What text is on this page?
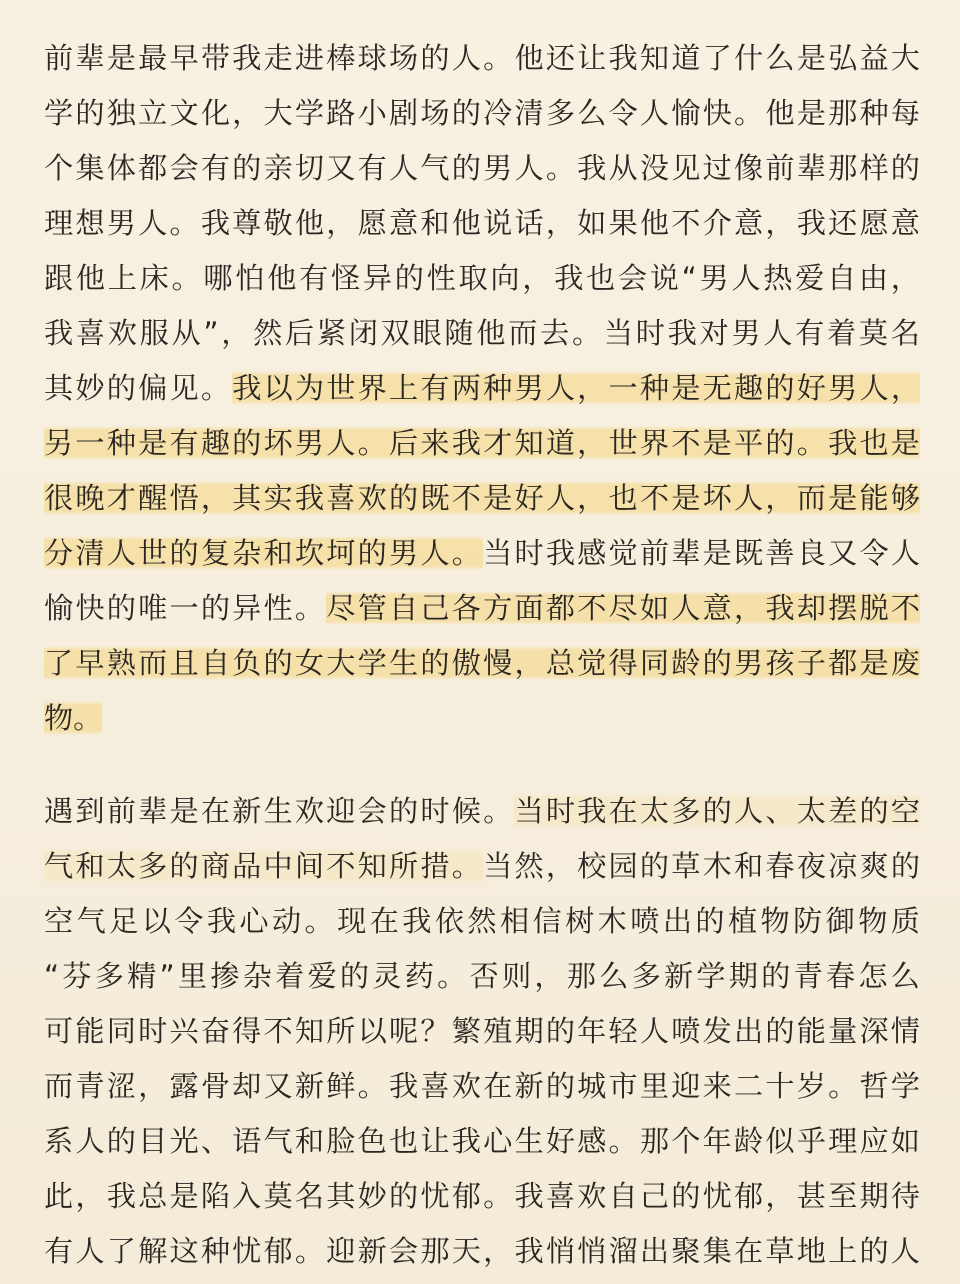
前辈是最早带我走进棒球场的人。他还让我知道了什么是弘益大
学的独立文化，大学路小剧场的冷清多么令人愉快。他是那种每
个集体都会有的亲切又有人气的男人。我从没见过像前辈那样的
理想男人。我尊敬他，愿意和他说话，如果他不介意，我还愿意
跟他上床。哪怕他有怪异的性取向，我也会说“男人热爱自由，
我喜欢服从”，然后紧闭双眼随他而去。当时我对男人有着莫名
其妙的偏见。我以为世界上有两种男人，一种是无趣的好男人，
另一种是有趣的坏男人。后来我才知道，世界不是平的。我也是
很晚才醒悟，其实我喜欢的既不是好人，也不是坏人，而是能够
分清人世的复杂和坎坷的男人。当时我感觉前辈是既善良又令人
愉快的唯一的异性。尽管自己各方面都不尽如人意，我却摆脱不
了早熟而且自负的女大学生的傲慢，总觉得同龄的男孩子都是废
物。
遇到前辈是在新生欢迎会的时候。当时我在太多的人、太差的空
气和太多的商品中间不知所措。当然，校园的草木和春夜凉爽的
空气足以令我心动。现在我依然相信树木喷出的植物防御物质
“芬多精”里掺杂着爱的灵药。否则，那么多新学期的青春怎么
可能同时兴奋得不知所以呢？繁殖期的年轻人喷发出的能量深情
而青涩，露骨却又新鲜。我喜欢在新的城市里迎来二十岁。哲学
系人的目光、语气和脸色也让我心生好感。那个年龄似乎理应如
此，我总是陷入莫名其妙的忧郁。我喜欢自己的忧郁，甚至期待
有人了解这种忧郁。迎新会那天，我悄悄溜出聚集在草地上的人
